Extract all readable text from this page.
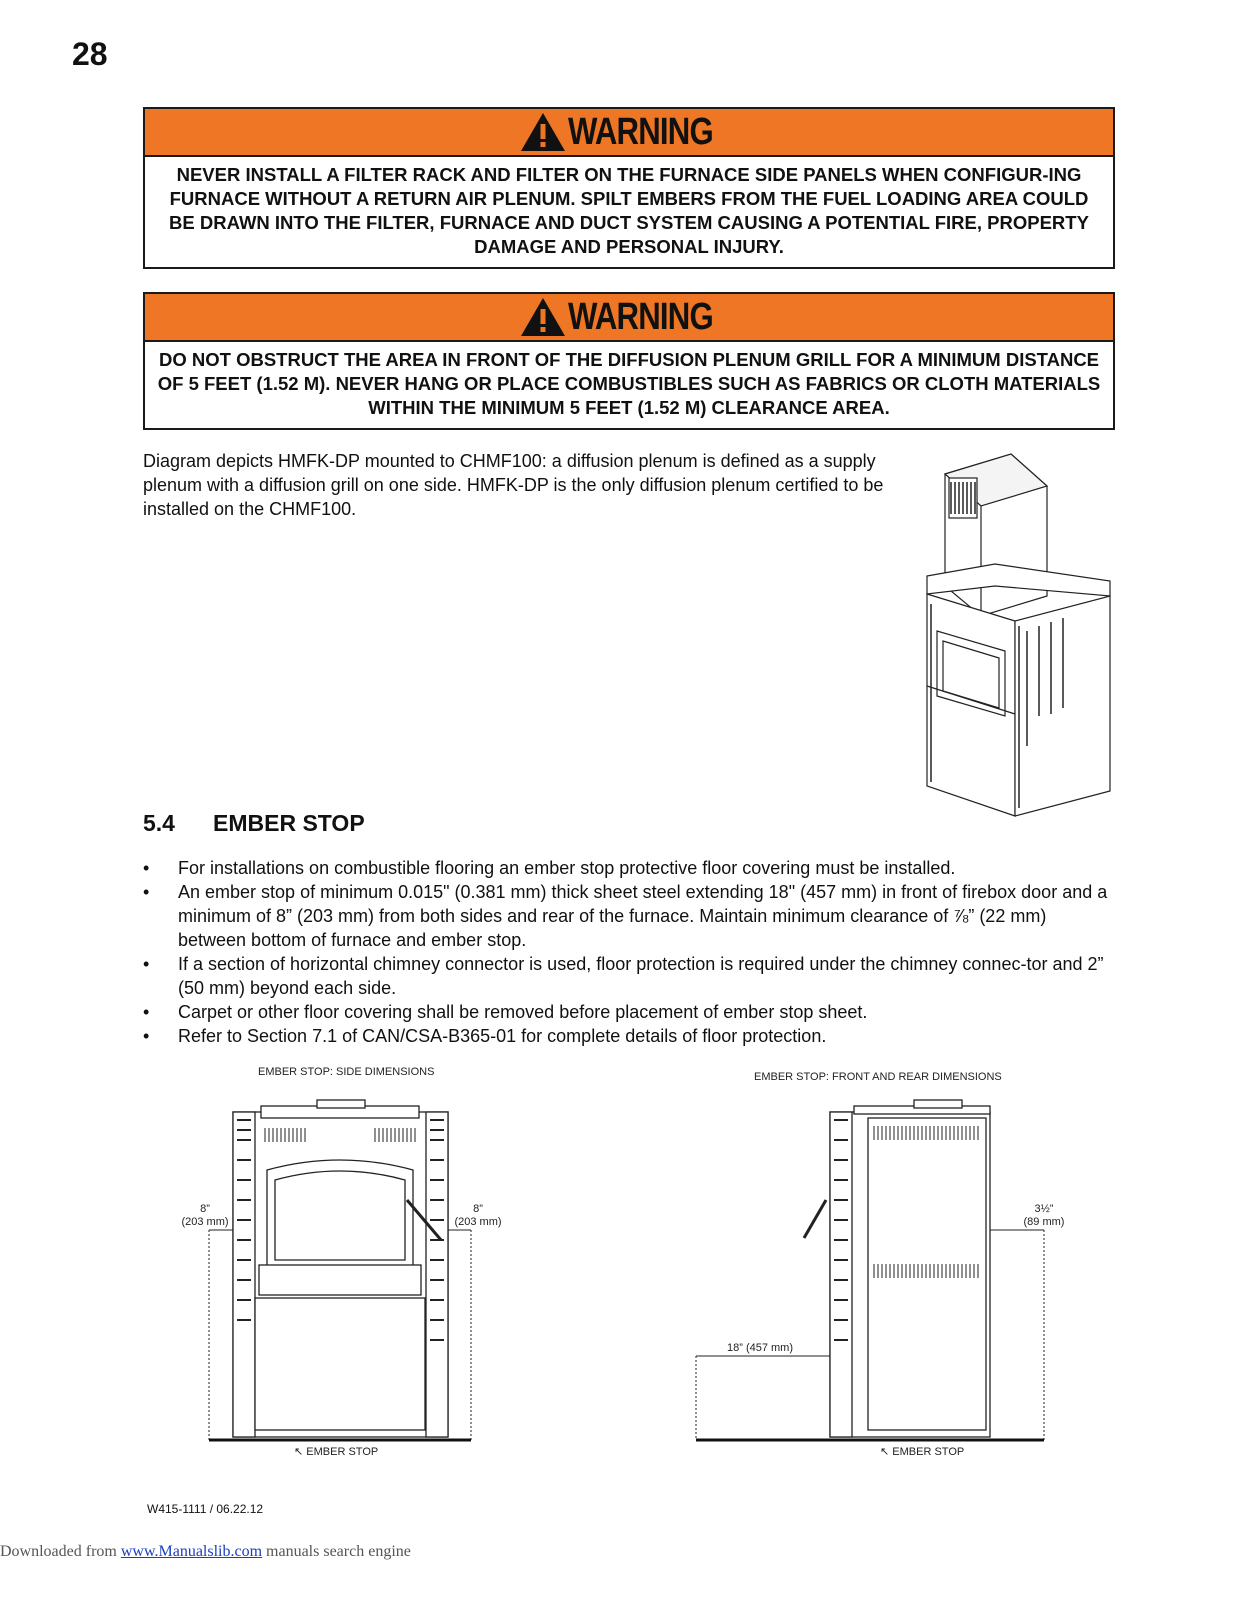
28
WARNING
NEVER INSTALL A FILTER RACK AND FILTER ON THE FURNACE SIDE PANELS WHEN CONFIGUR-ING FURNACE WITHOUT A RETURN AIR PLENUM. SPILT EMBERS FROM THE FUEL LOADING AREA COULD BE DRAWN INTO THE FILTER, FURNACE AND DUCT SYSTEM CAUSING A POTENTIAL FIRE, PROPERTY DAMAGE AND PERSONAL INJURY.
WARNING
DO NOT OBSTRUCT THE AREA IN FRONT OF THE DIFFUSION PLENUM GRILL FOR A MINIMUM DISTANCE OF 5 FEET (1.52 M). NEVER HANG OR PLACE COMBUSTIBLES SUCH AS FABRICS OR CLOTH MATERIALS WITHIN THE MINIMUM 5 FEET (1.52 M) CLEARANCE AREA.
Diagram depicts HMFK-DP mounted to CHMF100: a diffusion plenum is defined as a supply plenum with a diffusion grill on one side. HMFK-DP is the only diffusion plenum certified to be installed on the CHMF100.
5.4 EMBER STOP
• For installations on combustible flooring an ember stop protective floor covering must be installed.
• An ember stop of minimum 0.015" (0.381 mm) thick sheet steel extending 18" (457 mm) in front of firebox door and a minimum of 8” (203 mm) from both sides and rear of the furnace. Maintain minimum clearance of ⅞” (22 mm) between bottom of furnace and ember stop.
• If a section of horizontal chimney connector is used, floor protection is required under the chimney connec-tor and 2” (50 mm) beyond each side.
• Carpet or other floor covering shall be removed before placement of ember stop sheet.
• Refer to Section 7.1 of CAN/CSA-B365-01 for complete details of floor protection.
EMBER STOP: SIDE DIMENSIONS
8”
(203 mm)
8”
(203 mm)
↖ EMBER STOP
EMBER STOP: FRONT AND REAR DIMENSIONS
18” (457 mm)
3½”
(89 mm)
↖ EMBER STOP
W415-1111 / 06.22.12
Downloaded from www.Manualslib.com manuals search engine
